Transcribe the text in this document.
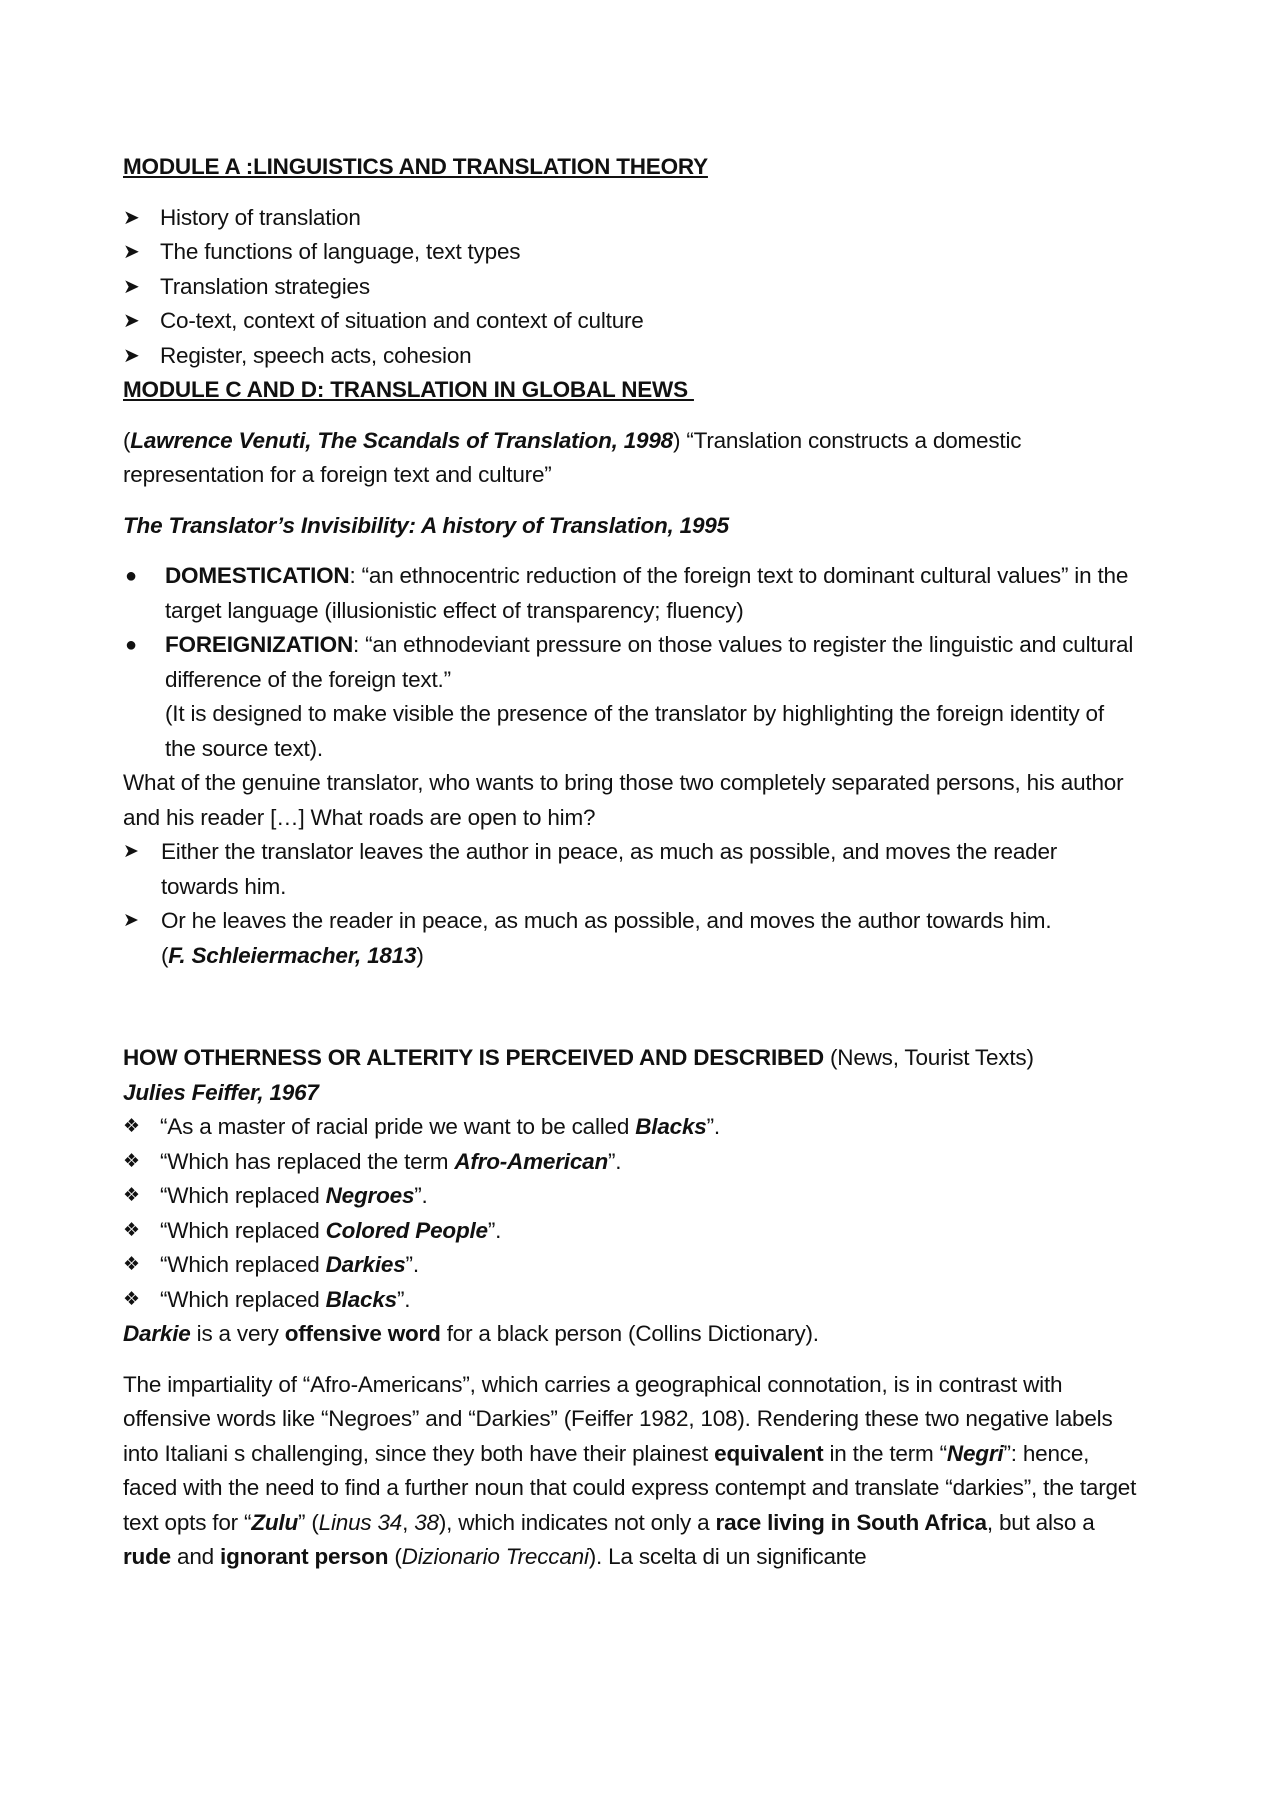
MODULE A :LINGUISTICS AND TRANSLATION THEORY

➤ History of translation
➤ The functions of language, text types
➤ Translation strategies
➤ Co-text, context of situation and context of culture
➤ Register, speech acts, cohesion

MODULE C AND D: TRANSLATION IN GLOBAL NEWS

(Lawrence Venuti, The Scandals of Translation, 1998) “Translation constructs a domestic representation for a foreign text and culture”

The Translator’s Invisibility: A history of Translation, 1995

● DOMESTICATION: “an ethnocentric reduction of the foreign text to dominant cultural values” in the target language (illusionistic effect of transparency; fluency)
● FOREIGNIZATION: “an ethnodeviant pressure on those values to register the linguistic and cultural difference of the foreign text.”
(It is designed to make visible the presence of the translator by highlighting the foreign identity of the source text).

What of the genuine translator, who wants to bring those two completely separated persons, his author and his reader […] What roads are open to him?

➤ Either the translator leaves the author in peace, as much as possible, and moves the reader towards him.
➤ Or he leaves the reader in peace, as much as possible, and moves the author towards him.
(F. Schleiermacher, 1813)

HOW OTHERNESS OR ALTERITY IS PERCEIVED AND DESCRIBED (News, Tourist Texts)

Julies Feiffer, 1967

❖ “As a master of racial pride we want to be called Blacks”.
❖ “Which has replaced the term Afro-American”.
❖ “Which replaced Negroes”.
❖ “Which replaced Colored People”.
❖ “Which replaced Darkies”.
❖ “Which replaced Blacks”.

Darkie is a very offensive word for a black person (Collins Dictionary).

The impartiality of “Afro-Americans”, which carries a geographical connotation, is in contrast with offensive words like “Negroes” and “Darkies” (Feiffer 1982, 108). Rendering these two negative labels into Italiani s challenging, since they both have their plainest equivalent in the term “Negri”: hence, faced with the need to find a further noun that could express contempt and translate “darkies”, the target text opts for “Zulu” (Linus 34, 38), which indicates not only a race living in South Africa, but also a rude and ignorant person (Dizionario Treccani). La scelta di un significante
